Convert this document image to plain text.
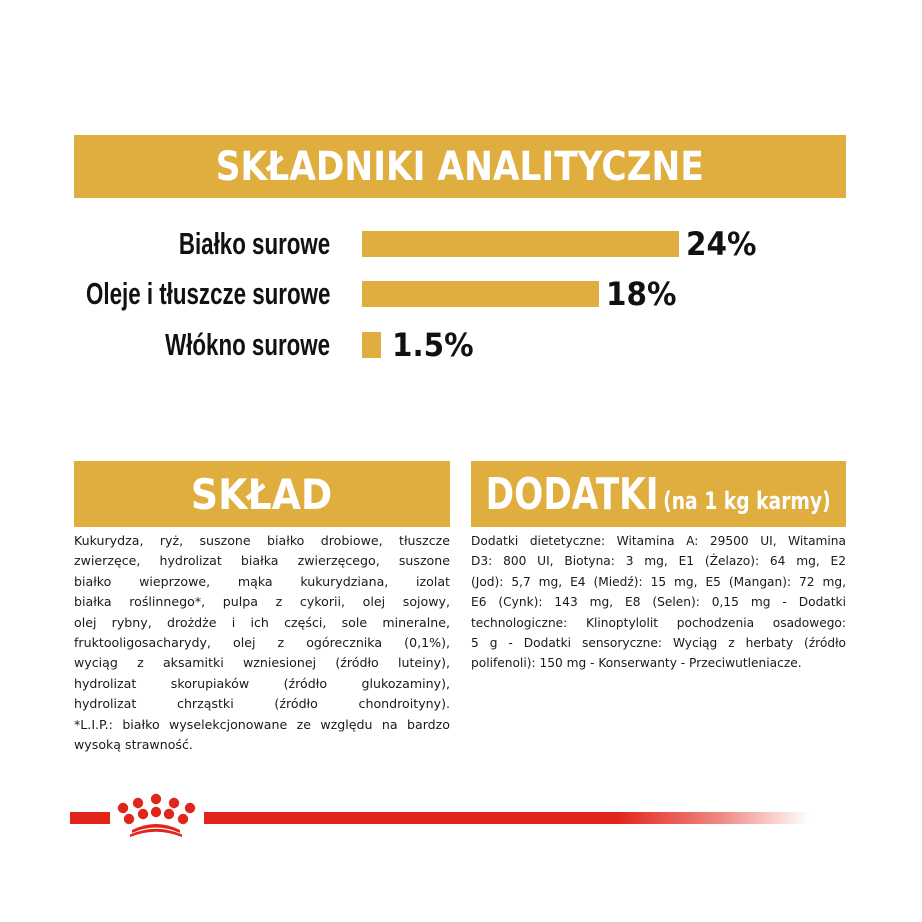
SKŁADNIKI ANALITYCZNE
Białko surowe	24%
Oleje i tłuszcze surowe	18%
Włókno surowe 1.5%
SKŁAD
Kukurydza, ryż, suszone białko drobiowe, tłuszcze
zwierzęce, hydrolizat białka zwierzęcego, suszone
białko wieprzowe, mąka kukurydziana, izolat
białka roślinnego*, pulpa z cykorii, olej sojowy,
olej rybny, drożdże i ich części, sole mineralne,
fruktooligosacharydy, olej z ogórecznika (0,1%),
wyciąg z aksamitki wzniesionej (źródło luteiny),
hydrolizat skorupiaków (źródło glukozaminy),
hydrolizat chrząstki (źródło chondroityny).
*L.I.P.: białko wyselekcjonowane ze względu na bardzo
wysoką strawność.
DODATKI (na 1 kg karmy)
Dodatki dietetyczne: Witamina A: 29500 UI, Witamina
D3: 800 UI, Biotyna: 3 mg, E1 (Żelazo): 64 mg, E2
(Jod): 5,7 mg, E4 (Miedź): 15 mg, E5 (Mangan): 72 mg,
E6 (Cynk): 143 mg, E8 (Selen): 0,15 mg - Dodatki
technologiczne: Klinoptylolit pochodzenia osadowego:
5 g - Dodatki sensoryczne: Wyciąg z herbaty (źródło
polifenoli): 150 mg - Konserwanty - Przeciwutleniacze.
